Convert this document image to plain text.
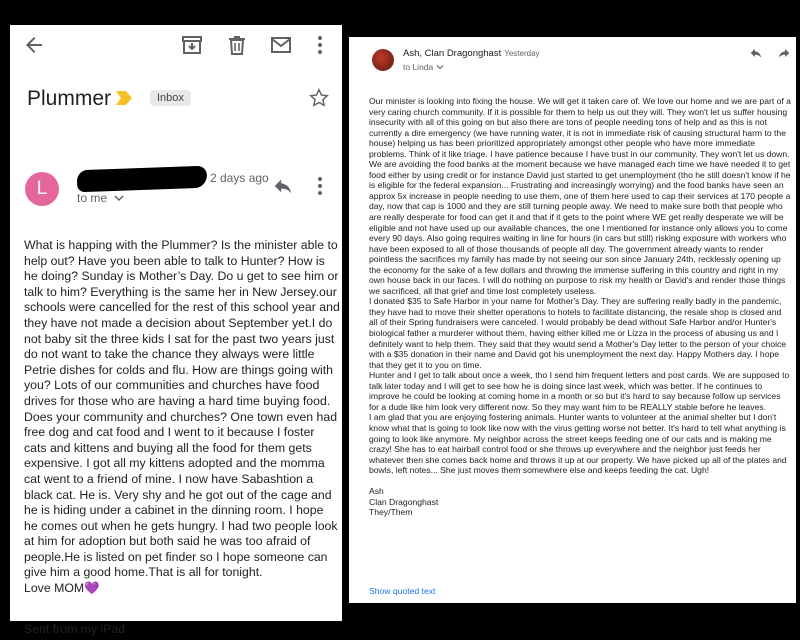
Plummer	Inbox
L	2 days ago
to me
What is happing with the Plummer? Is the minister able to help out? Have you been able to talk to Hunter? How is he doing? Sunday is Mother’s Day. Do u get to see him or talk to him? Everything is the same her in New Jersey.our schools were cancelled for the rest of this school year and they have not made a decision about September yet.I do not baby sit the three kids I sat for the past two years just do not want to take the chance they always were little Petrie dishes for colds and flu. How are things going with you? Lots of our communities and churches have food drives for those who are having a hard time buying food. Does your community and churches? One town even had free dog and cat food and I went to it because I foster cats and kittens and buying all the food for them gets expensive. I got all my kittens adopted and the momma cat went to a friend of mine. I now have Sabashtion a black cat. He is. Very shy and he got out of the cage and he is hiding under a cabinet in the dinning room. I hope he comes out when he gets hungry. I had two people look at him for adoption but both said he was too afraid of people.He is listed on pet finder so I hope someone can give him a good home.That is all for tonight.
Love MOM💜
Sent from my iPad
Ash, Clan Dragonghast Yesterday
to Linda
Our minister is looking into fixing the house. We will get it taken care of. We love our home and we are part of a very caring church community. If it is possible for them to help us out they will. They won't let us suffer housing insecurity with all of this going on but also there are tons of people needing tons of help and as this is not currently a dire emergency (we have running water, it is not in immediate risk of causing structural harm to the house) helping us has been prioritized appropriately amongst other people who have more immediate problems. Think of it like triage. I have patience because I have trust in our community. They won't let us down.
We are avoiding the food banks at the moment because we have managed each time we have needed it to get food either by using credit or for instance David just started to get unemployment (tho he still doesn't know if he is eligible for the federal expansion... Frustrating and increasingly worrying) and the food banks have seen an approx 5x increase in people needing to use them, one of them here used to cap their services at 170 people a day, now that cap is 1000 and they are still turning people away. We need to make sure both that people who are really desperate for food can get it and that if it gets to the point where WE get really desperate we will be eligible and not have used up our available chances, the one I mentioned for instance only allows you to come every 90 days. Also going requires waiting in line for hours (in cars but still) risking exposure with workers who have been exposed to all of those thousands of people all day. The government already wants to render pointless the sacrifices my family has made by not seeing our son since January 24th, recklessly opening up the economy for the sake of a few dollars and throwing the immense suffering in this country and right in my own house back in our faces. I will do nothing on purpose to risk my health or David's and render those things we sacrificed, all that grief and time lost completely useless.
I donated $35 to Safe Harbor in your name for Mother's Day. They are suffering really badly in the pandemic, they have had to move their shelter operations to hotels to facilitate distancing, the resale shop is closed and all of their Spring fundraisers were canceled. I would probably be dead without Safe Harbor and/or Hunter's biological father a murderer without them, having either killed me or Lizza in the process of abusing us and I definitely want to help them. They said that they would send a Mother's Day letter to the person of your choice with a $35 donation in their name and David got his unemployment the next day. Happy Mothers day. I hope that they get it to you on time.
Hunter and I get to talk about once a week, tho I send him frequent letters and post cards. We are supposed to talk later today and I will get to see how he is doing since last week, which was better. If he continues to improve he could be looking at coming home in a month or so but it's hard to say because follow up services for a dude like him look very different now. So they may want him to be REALLY stable before he leaves.
I am glad that you are enjoying fostering animals. Hunter wants to volunteer at the animal shelter but I don't know what that is going to look like now with the virus getting worse not better. It's hard to tell what anything is going to look like anymore. My neighbor across the street keeps feeding one of our cats and is making me crazy! She has to eat hairball control food or she throws up everywhere and the neighbor just feeds her whatever then she comes back home and throws it up at our property. We have picked up all of the plates and bowls, left notes... She just moves them somewhere else and keeps feeding the cat. Ugh!

Ash
Clan Dragonghast
They/Them
Show quoted text
